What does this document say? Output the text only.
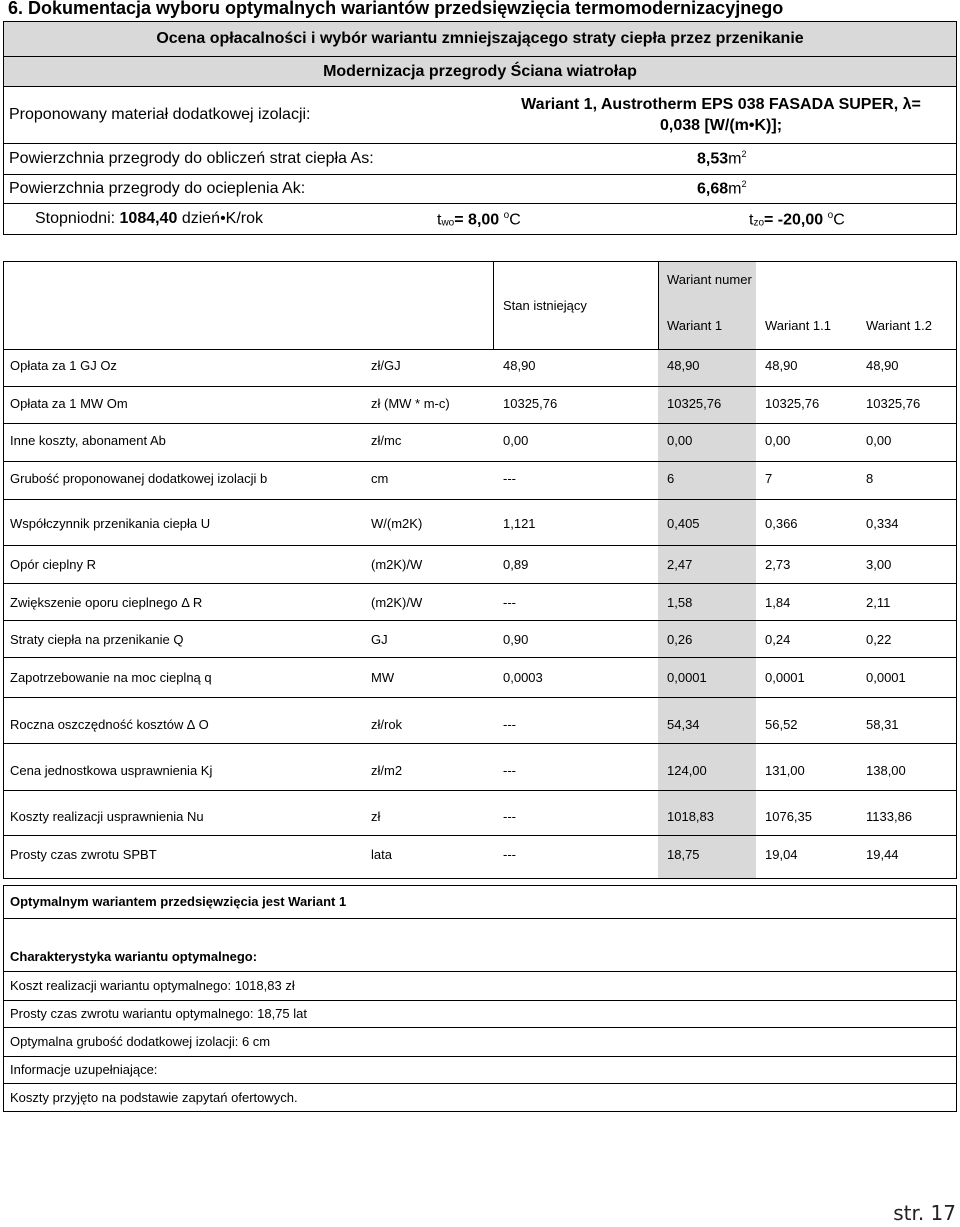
6. Dokumentacja wyboru optymalnych wariantów przedsięwzięcia termomodernizacyjnego
Ocena opłacalności i wybór wariantu zmniejszającego straty ciepła przez przenikanie	
Modernizacja przegrody Ściana wiatrołap	
Proponowany materiał dodatkowej izolacji:	Wariant 1, Austrotherm EPS 038 FASADA SUPER, λ=
0,038 [W/(m•K)];

Powierzchnia przegrody do obliczeń strat ciepła As:	$8,53m^2$
Powierzchnia przegrody do ocieplenia Ak:	$6,68m^2$

Stopniodni: 1084,40 dzień•K/rok $t_{wo}= 8,00$ $^o$C $t_{zo}= -20,00$ $^o$C	
Stan istniejący
Wariant numer
Wariant 1	Wariant 1.1	Wariant 1.2
Opłata za 1 GJ Oz	zł/GJ	48,90	48,90	48,90	48,90
Opłata za 1 MW Om	zł (MW * m-c)	10325,76	10325,76	10325,76	10325,76
Inne koszty, abonament Ab	zł/mc	0,00	0,00	0,00	0,00
Grubość proponowanej dodatkowej izolacji b	cm	---	6	7	8
Współczynnik przenikania ciepła U	W/(m2K)	1,121	0,405	0,366	0,334
Opór cieplny R	(m2K)/W	0,89	2,47	2,73	3,00
Zwiększenie oporu cieplnego Δ R	(m2K)/W	---	1,58	1,84	2,11
Straty ciepła na przenikanie Q	GJ	0,90	0,26	0,24	0,22
Zapotrzebowanie na moc cieplną q	MW	0,0003	0,0001	0,0001	0,0001
Roczna oszczędność kosztów ∆ O	zł/rok	---	54,34	56,52	58,31
Cena jednostkowa usprawnienia Kj	zł/m2	---	124,00	131,00	138,00
Koszty realizacji usprawnienia Nu	zł	---	1018,83	1076,35	1133,86
Prosty czas zwrotu SPBT	lata	---	18,75	19,04	19,44
Optymalnym wariantem przedsięwzięcia jest Wariant 1
Charakterystyka wariantu optymalnego:
Koszt realizacji wariantu optymalnego: 1018,83 zł
Prosty czas zwrotu wariantu optymalnego: 18,75 lat
Optymalna grubość dodatkowej izolacji: 6 cm
Informacje uzupełniające:
Koszty przyjęto na podstawie zapytań ofertowych.
str. 17
